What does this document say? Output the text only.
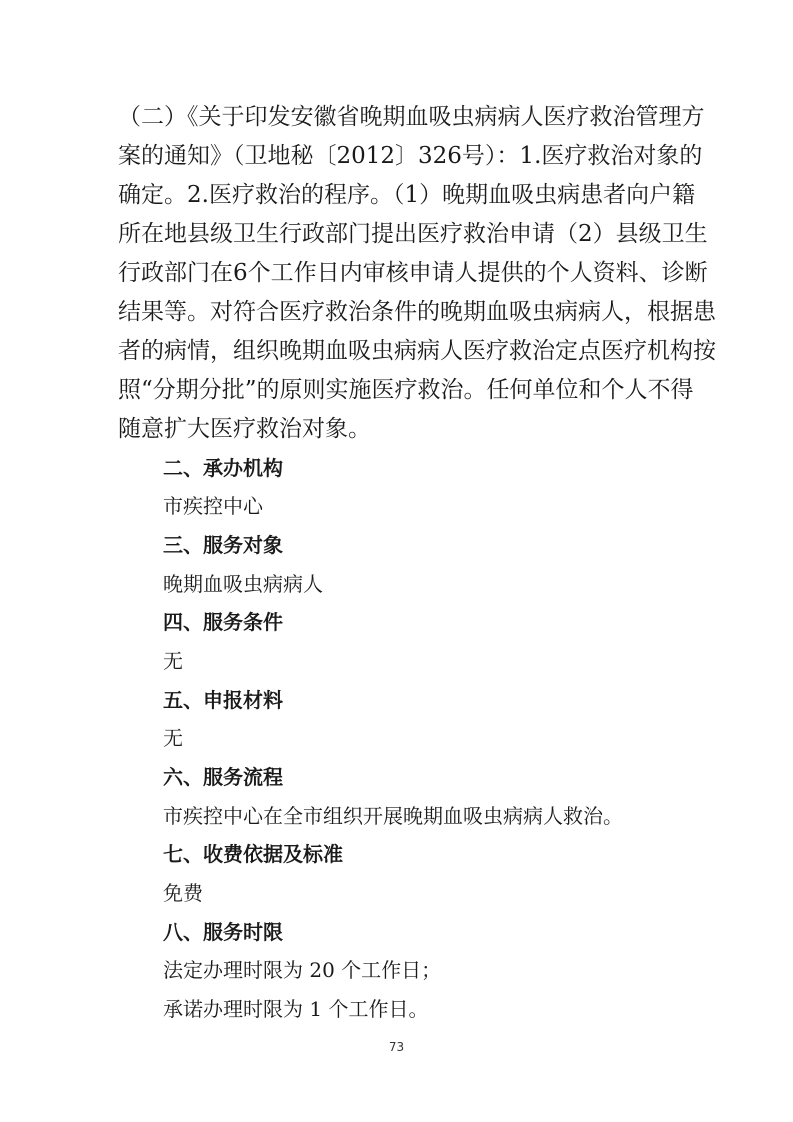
（二）《关于印发安徽省晚期血吸虫病病人医疗救治管理方
案的通知》（卫地秘〔2012〕326号）：1.医疗救治对象的
确定。2.医疗救治的程序。（1）晚期血吸虫病患者向户籍
所在地县级卫生行政部门提出医疗救治申请（2）县级卫生
行政部门在6个工作日内审核申请人提供的个人资料、诊断
结果等。对符合医疗救治条件的晚期血吸虫病病人，根据患
者的病情，组织晚期血吸虫病病人医疗救治定点医疗机构按
照“分期分批”的原则实施医疗救治。任何单位和个人不得
随意扩大医疗救治对象。
二、承办机构
市疾控中心
三、服务对象
晚期血吸虫病病人
四、服务条件
无
五、申报材料
无
六、服务流程
市疾控中心在全市组织开展晚期血吸虫病病人救治。
七、收费依据及标准
免费
八、服务时限
法定办理时限为 20 个工作日；
承诺办理时限为 1 个工作日。
73
